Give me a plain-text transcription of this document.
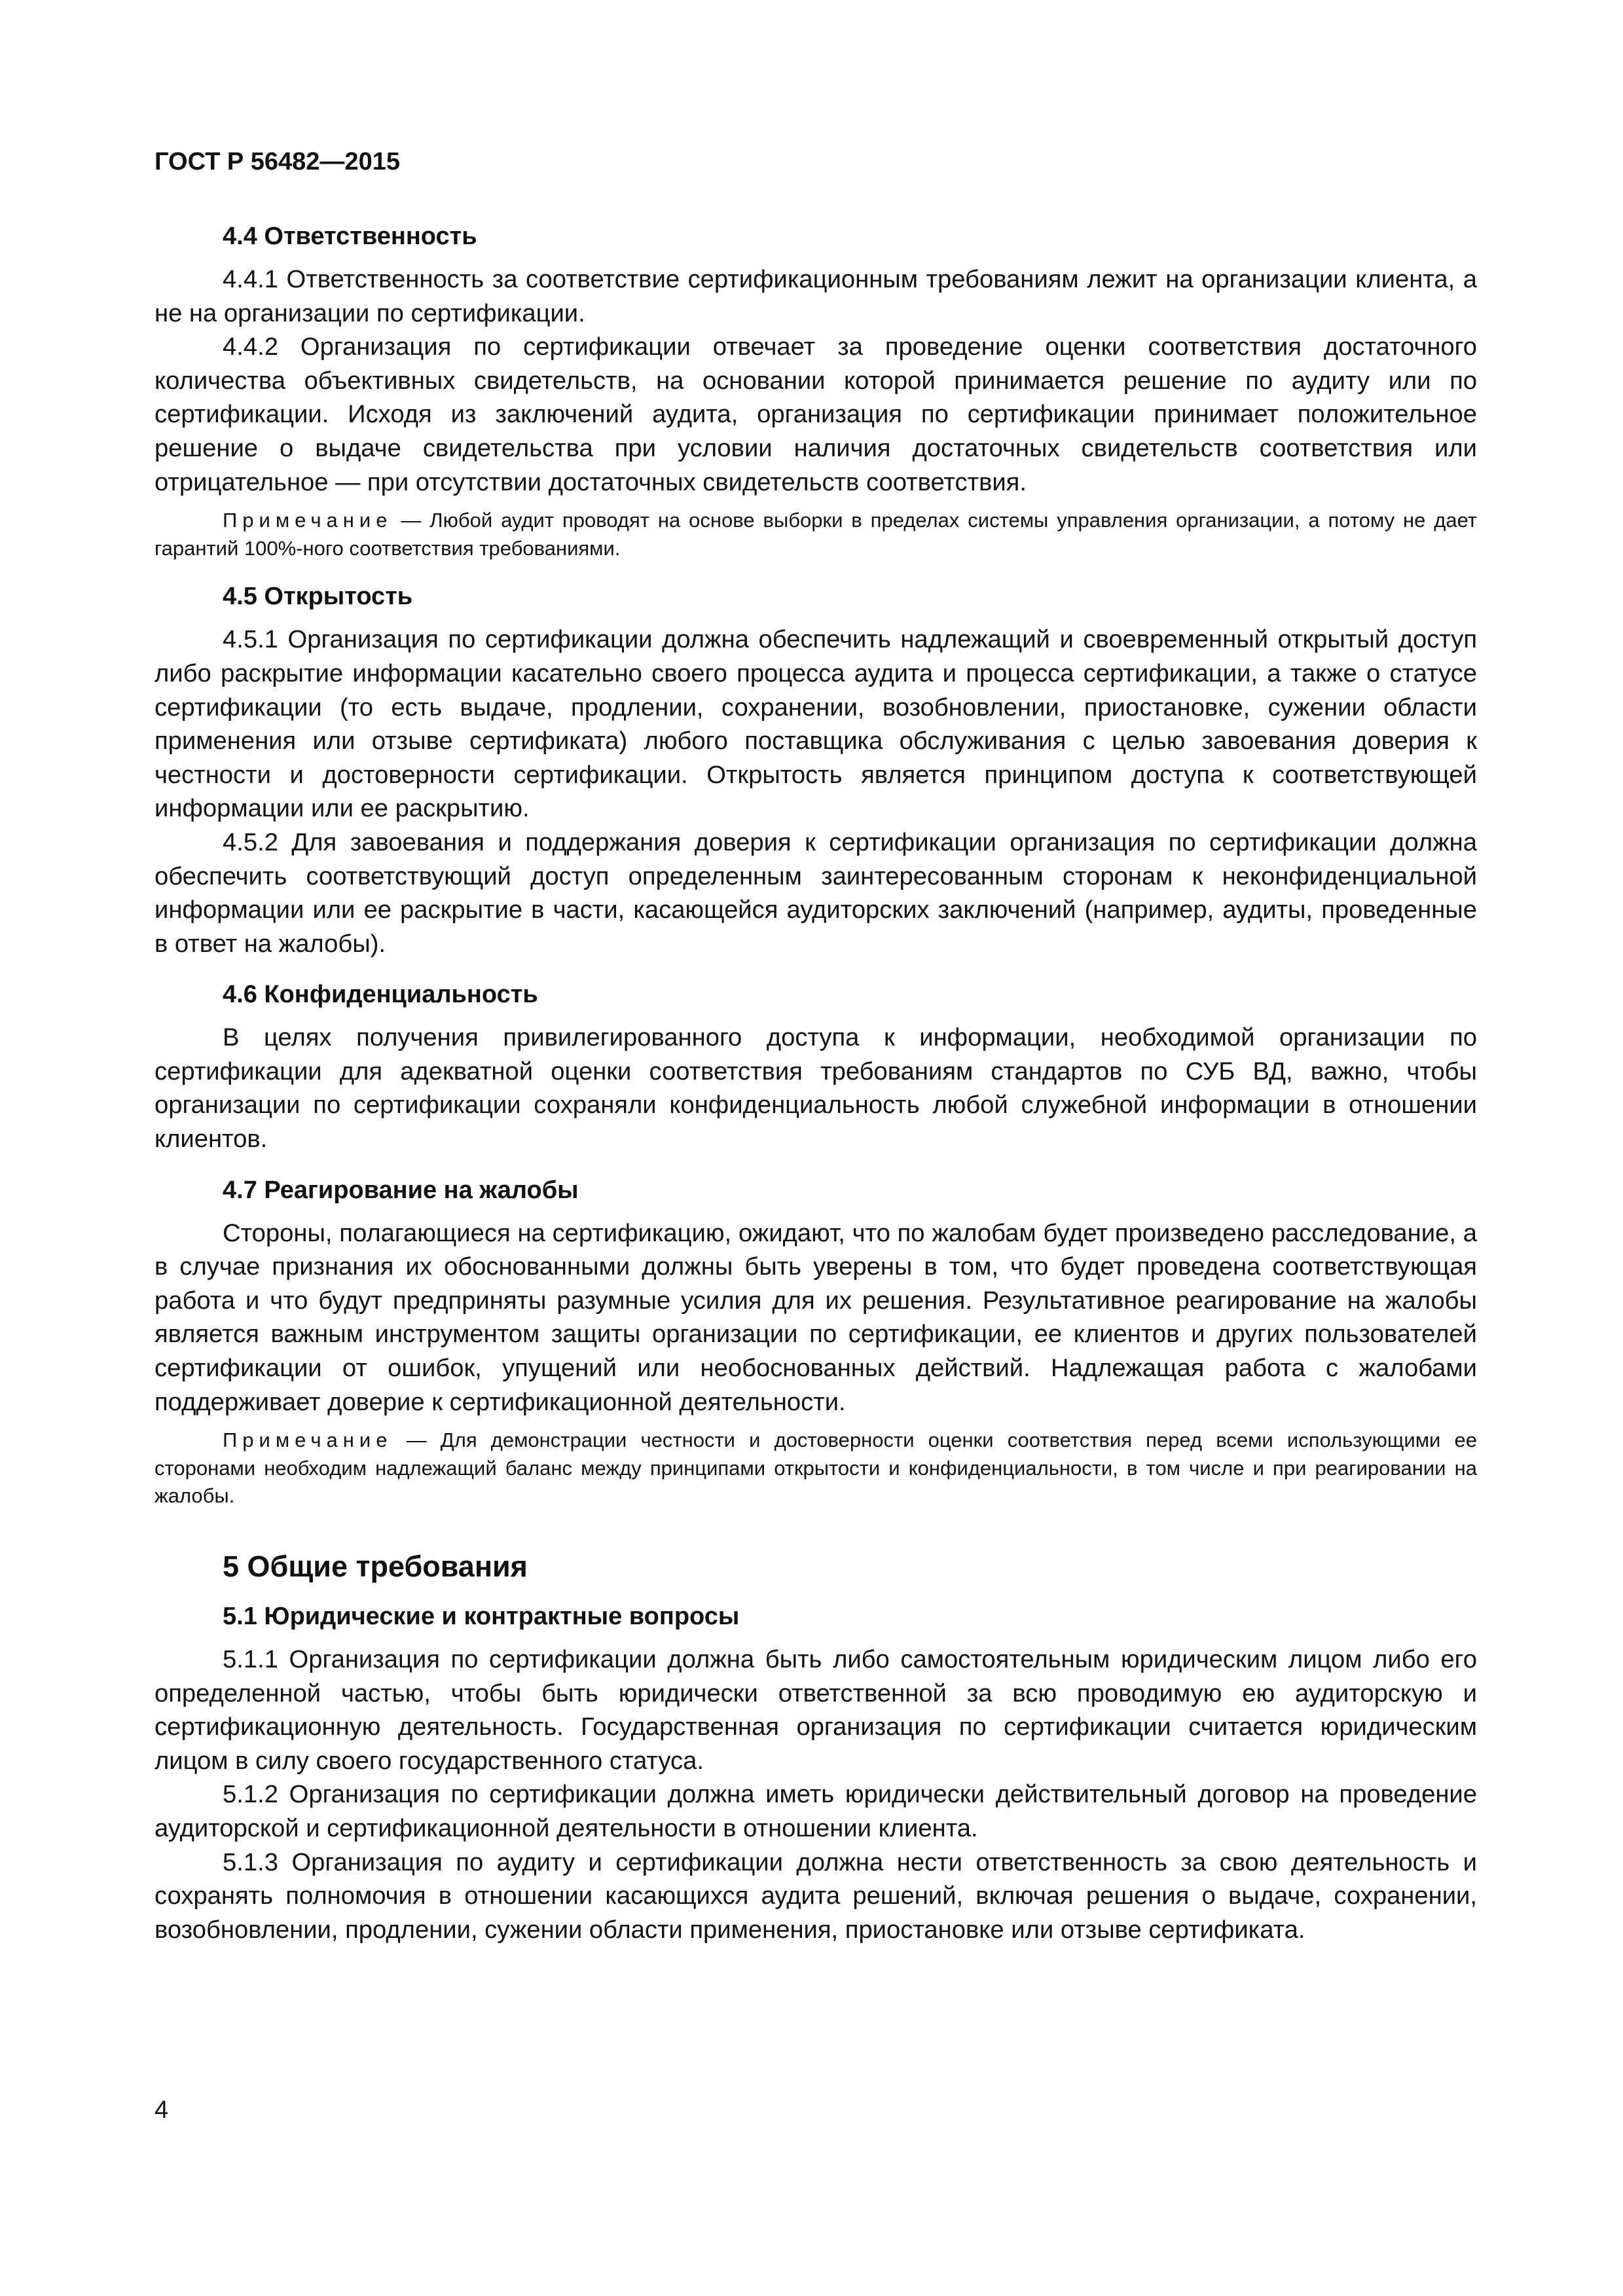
ГОСТ Р 56482—2015
4.4 Ответственность

4.4.1 Ответственность за соответствие сертификационным требованиям лежит на организации клиента, а не на организации по сертификации.

4.4.2 Организация по сертификации отвечает за проведение оценки соответствия достаточного количества объективных свидетельств, на основании которой принимается решение по аудиту или по сертификации. Исходя из заключений аудита, организация по сертификации принимает положительное решение о выдаче свидетельства при условии наличия достаточных свидетельств соответствия или отрицательное — при отсутствии достаточных свидетельств соответствия.

Примечание — Любой аудит проводят на основе выборки в пределах системы управления организации, а потому не дает гарантий 100%-ного соответствия требованиями.

4.5 Открытость

4.5.1 Организация по сертификации должна обеспечить надлежащий и своевременный открытый доступ либо раскрытие информации касательно своего процесса аудита и процесса сертификации, а также о статусе сертификации (то есть выдаче, продлении, сохранении, возобновлении, приостановке, сужении области применения или отзыве сертификата) любого поставщика обслуживания с целью завоевания доверия к честности и достоверности сертификации. Открытость является принципом доступа к соответствующей информации или ее раскрытию.

4.5.2 Для завоевания и поддержания доверия к сертификации организация по сертификации должна обеспечить соответствующий доступ определенным заинтересованным сторонам к неконфиденциальной информации или ее раскрытие в части, касающейся аудиторских заключений (например, аудиты, проведенные в ответ на жалобы).

4.6 Конфиденциальность

В целях получения привилегированного доступа к информации, необходимой организации по сертификации для адекватной оценки соответствия требованиям стандартов по СУБ ВД, важно, чтобы организации по сертификации сохраняли конфиденциальность любой служебной информации в отношении клиентов.

4.7 Реагирование на жалобы

Стороны, полагающиеся на сертификацию, ожидают, что по жалобам будет произведено расследование, а в случае признания их обоснованными должны быть уверены в том, что будет проведена соответствующая работа и что будут предприняты разумные усилия для их решения. Результативное реагирование на жалобы является важным инструментом защиты организации по сертификации, ее клиентов и других пользователей сертификации от ошибок, упущений или необоснованных действий. Надлежащая работа с жалобами поддерживает доверие к сертификационной деятельности.

Примечание — Для демонстрации честности и достоверности оценки соответствия перед всеми использующими ее сторонами необходим надлежащий баланс между принципами открытости и конфиденциальности, в том числе и при реагировании на жалобы.

5 Общие требования
5.1 Юридические и контрактные вопросы

5.1.1 Организация по сертификации должна быть либо самостоятельным юридическим лицом либо его определенной частью, чтобы быть юридически ответственной за всю проводимую ею аудиторскую и сертификационную деятельность. Государственная организация по сертификации считается юридическим лицом в силу своего государственного статуса.

5.1.2 Организация по сертификации должна иметь юридически действительный договор на проведение аудиторской и сертификационной деятельности в отношении клиента.

5.1.3 Организация по аудиту и сертификации должна нести ответственность за свою деятельность и сохранять полномочия в отношении касающихся аудита решений, включая решения о выдаче, сохранении, возобновлении, продлении, сужении области применения, приостановке или отзыве сертификата.

4
